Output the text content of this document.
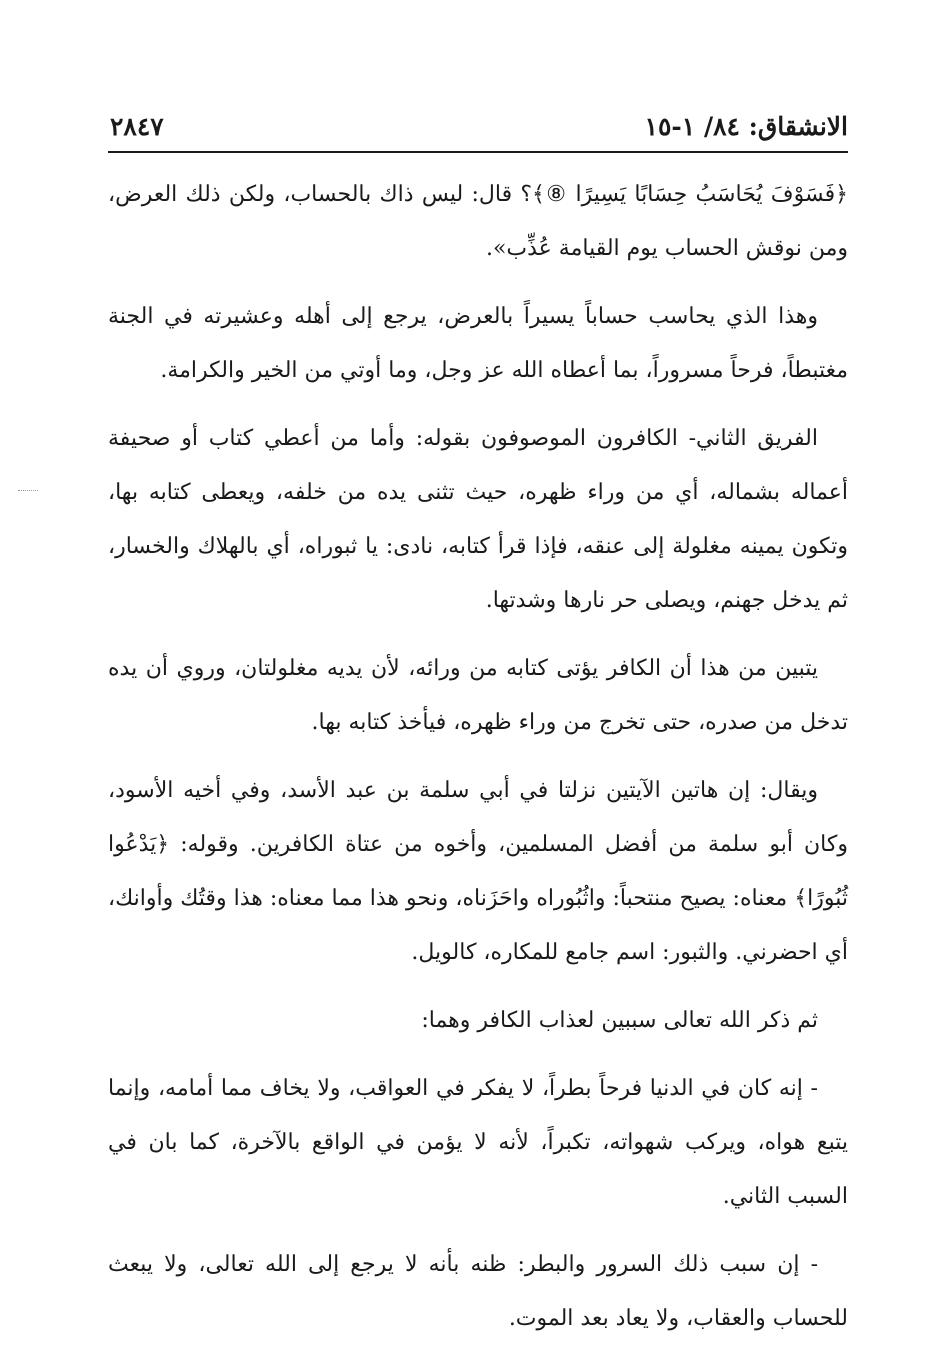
الانشقاق: ٨٤/ ١-١٥
٢٨٤٧

﴿فَسَوْفَ يُحَاسَبُ حِسَابًا يَسِيرًا ⑧﴾؟ قال: ليس ذاك بالحساب، ولكن ذلك العرض، ومن نوقش الحساب يوم القيامة عُذِّب».

وهذا الذي يحاسب حساباً يسيراً بالعرض، يرجع إلى أهله وعشيرته في الجنة مغتبطاً، فرحاً مسروراً، بما أعطاه الله عز وجل، وما أوتي من الخير والكرامة.

الفريق الثاني- الكافرون الموصوفون بقوله: وأما من أعطي كتاب أو صحيفة أعماله بشماله، أي من وراء ظهره، حيث تثنى يده من خلفه، ويعطى كتابه بها، وتكون يمينه مغلولة إلى عنقه، فإذا قرأ كتابه، نادى: يا ثبوراه، أي بالهلاك والخسار، ثم يدخل جهنم، ويصلى حر نارها وشدتها.

يتبين من هذا أن الكافر يؤتى كتابه من ورائه، لأن يديه مغلولتان، وروي أن يده تدخل من صدره، حتى تخرج من وراء ظهره، فيأخذ كتابه بها.

ويقال: إن هاتين الآيتين نزلتا في أبي سلمة بن عبد الأسد، وفي أخيه الأسود، وكان أبو سلمة من أفضل المسلمين، وأخوه من عتاة الكافرين. وقوله: ﴿يَدْعُوا ثُبُورًا﴾ معناه: يصيح منتحباً: واثُبُوراه واحَزَناه، ونحو هذا مما معناه: هذا وقتُك وأوانك، أي احضرني. والثبور: اسم جامع للمكاره، كالويل.

ثم ذكر الله تعالى سببين لعذاب الكافر وهما:

- إنه كان في الدنيا فرحاً بطراً، لا يفكر في العواقب، ولا يخاف مما أمامه، وإنما يتبع هواه، ويركب شهواته، تكبراً، لأنه لا يؤمن في الواقع بالآخرة، كما بان في السبب الثاني.

- إن سبب ذلك السرور والبطر: ظنه بأنه لا يرجع إلى الله تعالى، ولا يبعث للحساب والعقاب، ولا يعاد بعد الموت.
